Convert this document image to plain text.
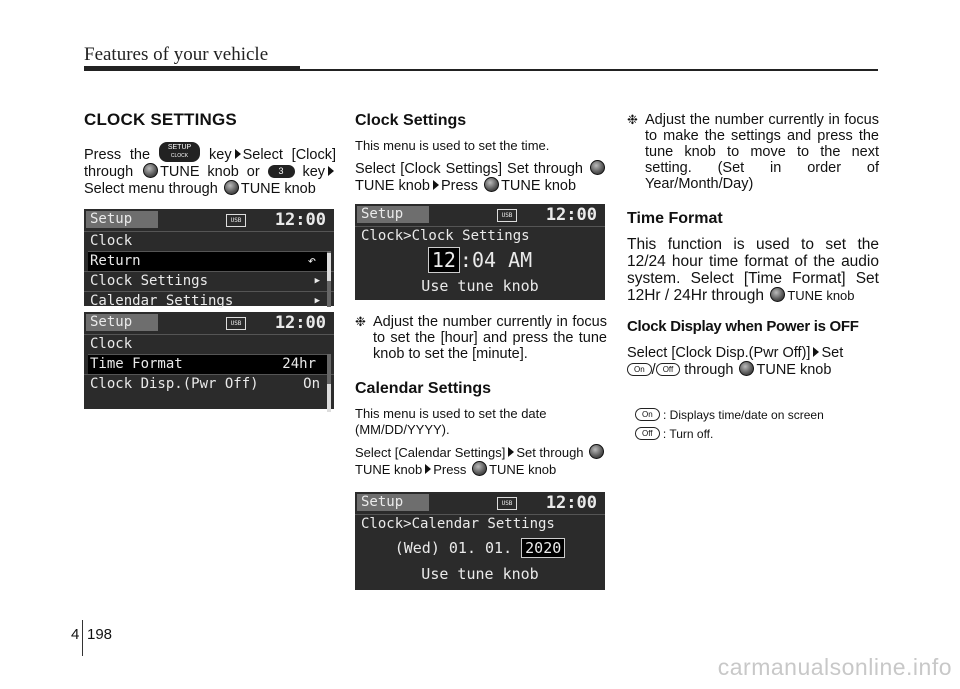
Features of your vehicle
CLOCK SETTINGS

Press the	SETUP
CLOCK key Select [Clock] through TUNE knob or 3 key Select menu through TUNE knob

Setup	USB 12:00
Clock
Return	↶
Clock Settings	▶
Calendar Settings	▶
Setup	USB 12:00
Clock
Time Format	24hr
Clock Disp.(Pwr Off)	On
Clock Settings

This menu is used to set the time.

Select [Clock Settings] Set through TUNE knob Press TUNE knob

Setup	USB 12:00
Clock>Clock Settings
12 :04 AM
Use tune knob

❉ Adjust the number currently in focus to set the [hour] and press the tune knob to set the [minute].

Calendar Settings

This menu is used to set the date (MM/DD/YYYY).

Select [Calendar Settings] Set through TUNE knob Press TUNE knob

Setup	USB 12:00
Clock>Calendar Settings
(Wed) 01. 01. 2020
Use tune knob

❉ Adjust the number currently in focus to make the settings and press the tune knob to move to the next setting. (Set in order of Year/Month/Day)

Time Format

This function is used to set the 12/24 hour time format of the audio system. Select [Time Format] Set 12Hr / 24Hr through TUNE knob

Clock Display when Power is OFF

Select [Clock Disp.(Pwr Off)] Set
On / Off through TUNE knob

On : Displays time/date on screen
Off : Turn off.
4 198
carmanualsonline.info
